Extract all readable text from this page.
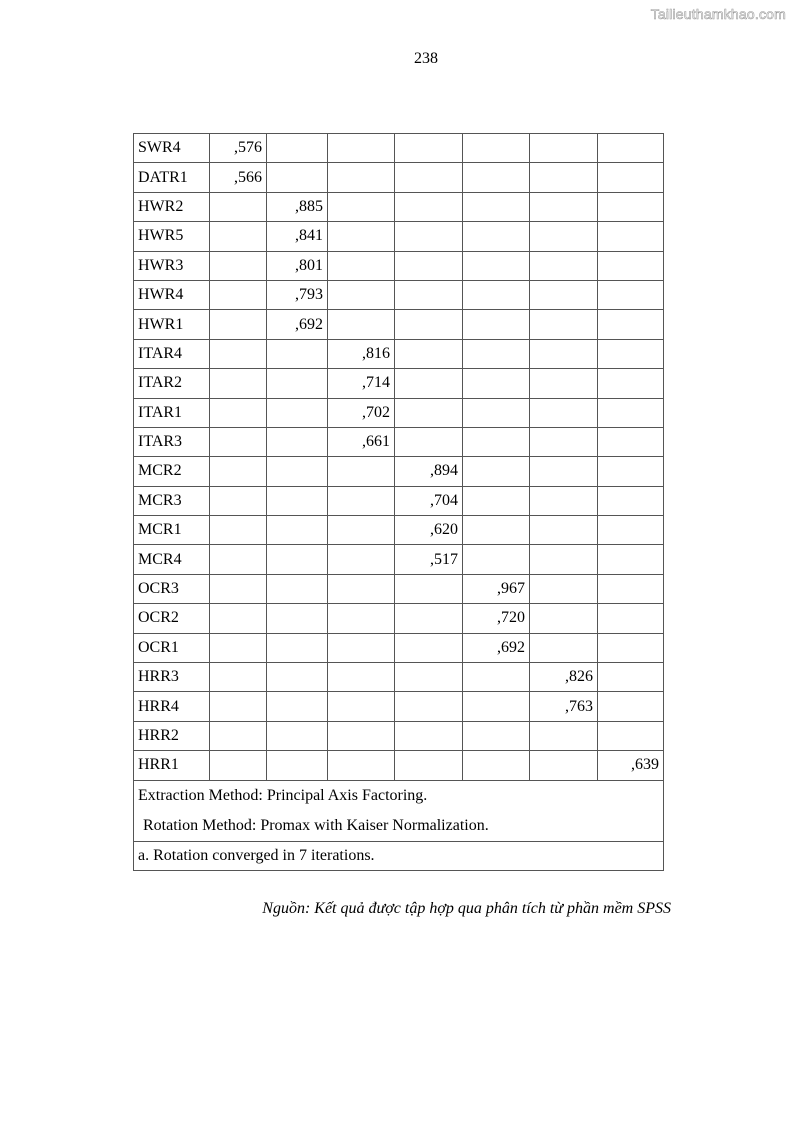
Tailieuthamkhao.com
238
SWR4	,576						
DATR1	,566						
HWR2		,885					
HWR5		,841					
HWR3		,801					
HWR4		,793					
HWR1		,692					
ITAR4			,816				
ITAR2			,714				
ITAR1			,702				
ITAR3			,661				
MCR2				,894			
MCR3				,704			
MCR1				,620			
MCR4				,517			
OCR3					,967		
OCR2					,720		
OCR1					,692		
HRR3						,826	
HRR4						,763	
HRR2							
HRR1							,639

Extraction Method: Principal Axis Factoring.
Rotation Method: Promax with Kaiser Normalization.							

a. Rotation converged in 7 iterations.							
Nguồn: Kết quả được tập hợp qua phân tích từ phần mềm SPSS
